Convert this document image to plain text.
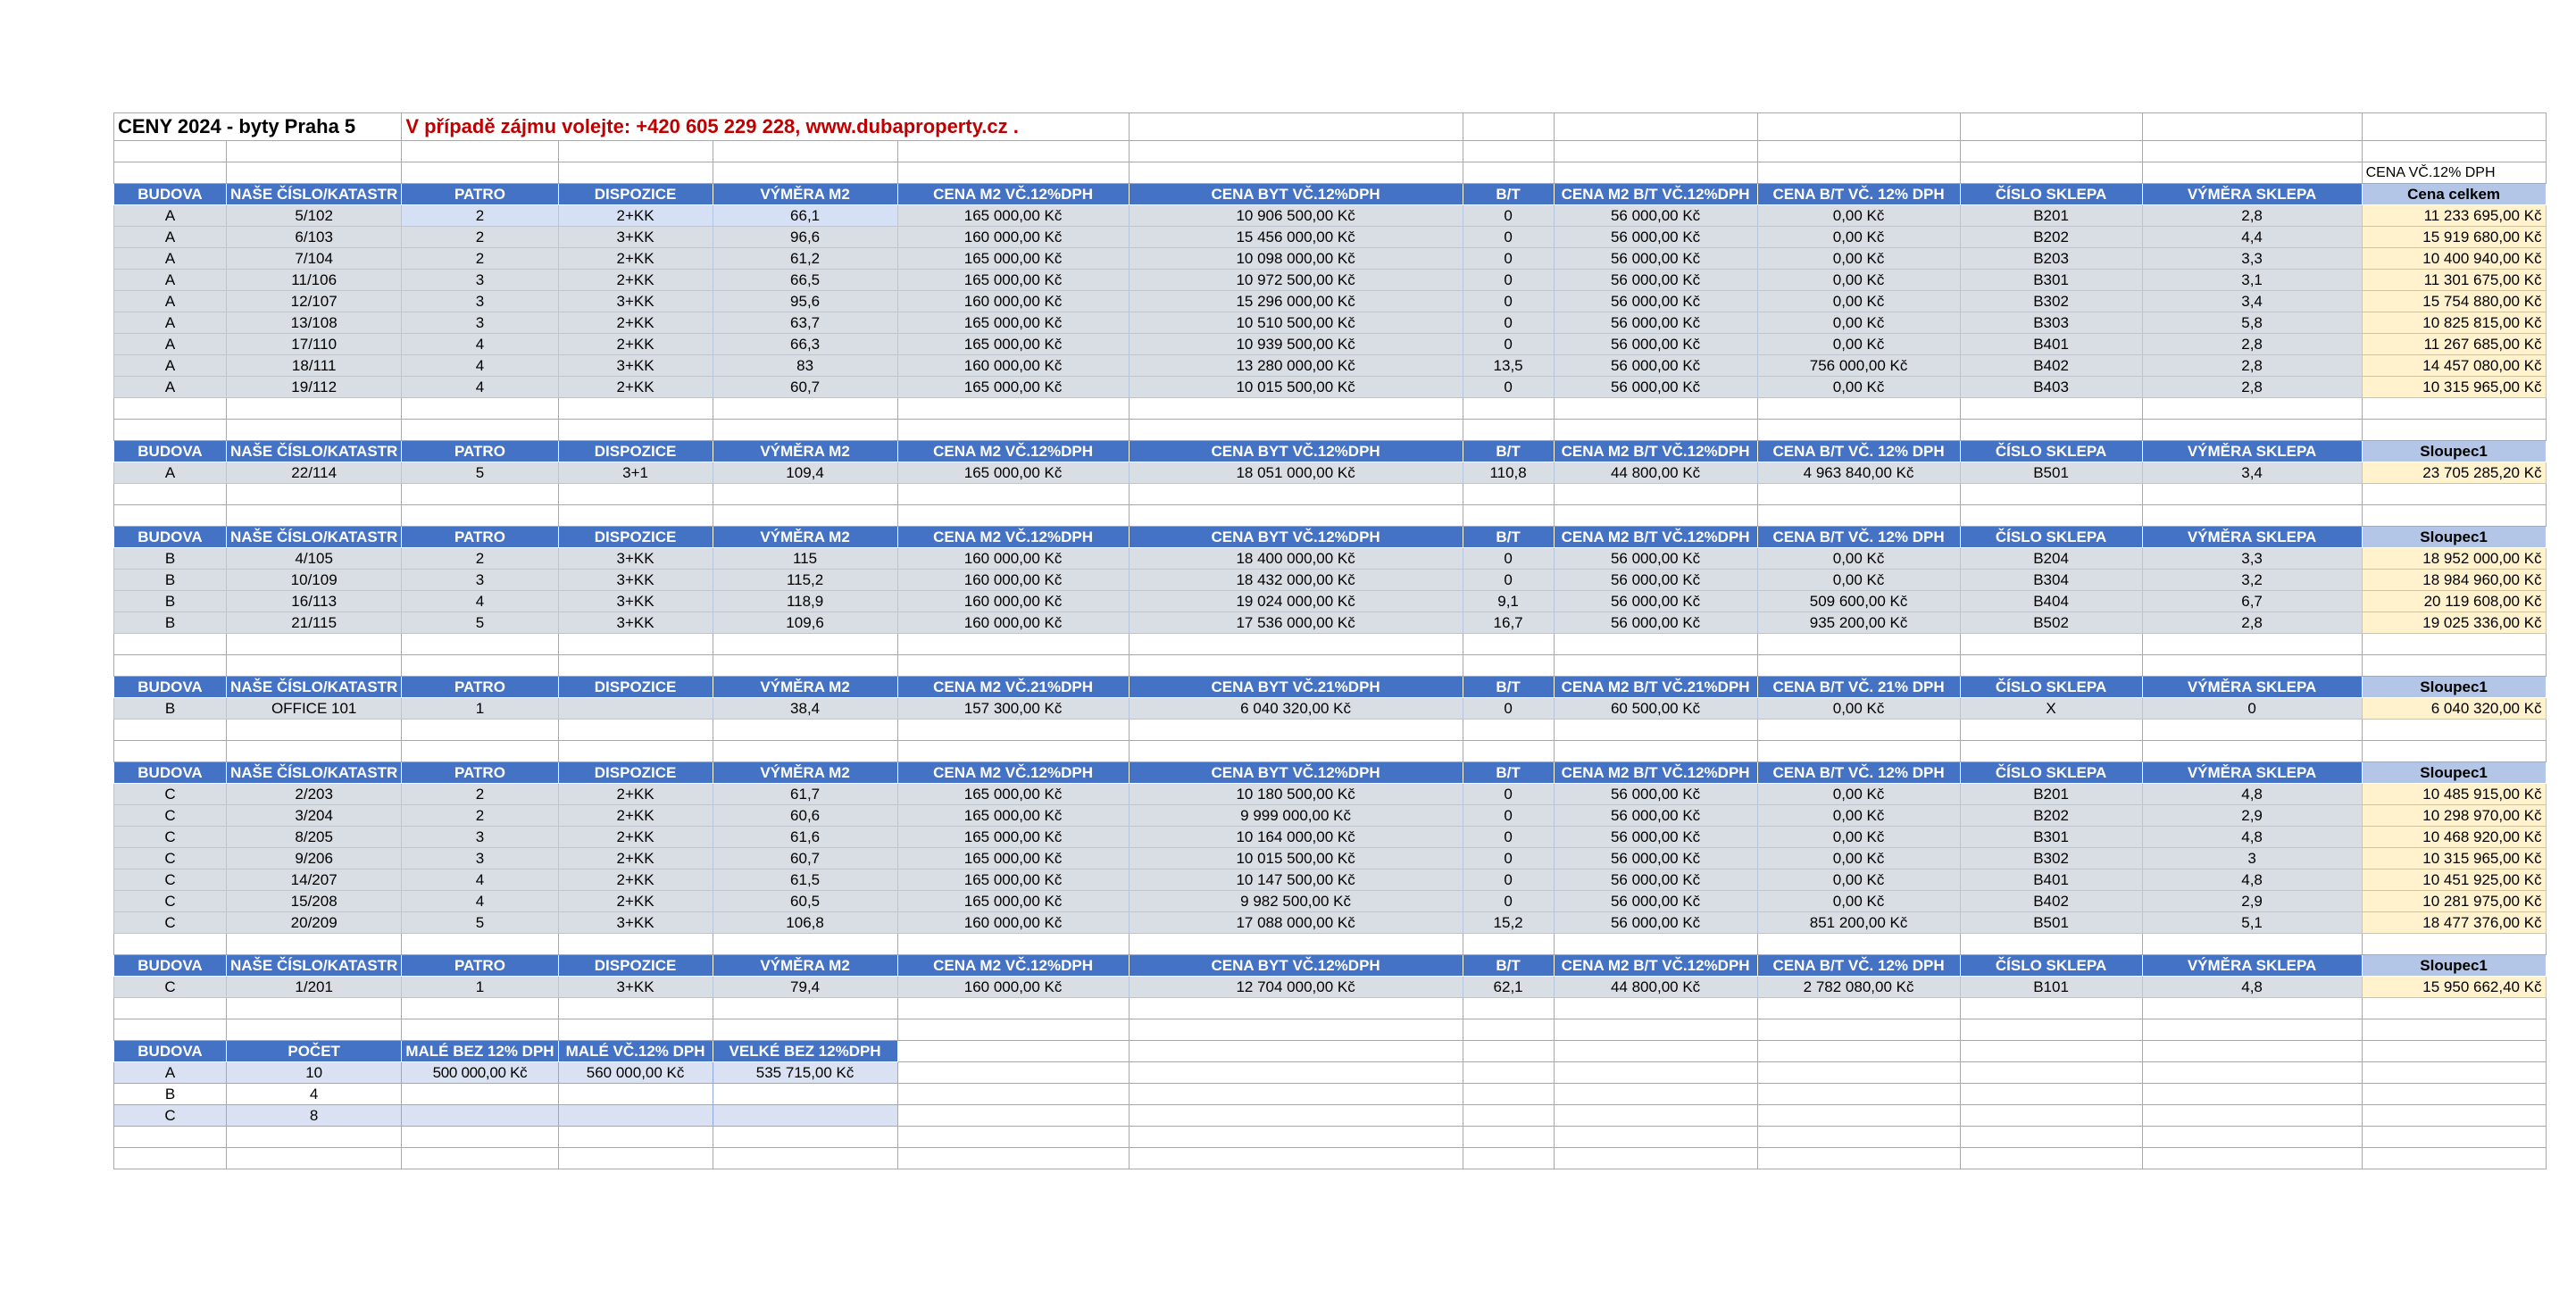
CENY 2024 - byty Praha 5		V případě zájmu volejte: +420 605 229 228, www.dubaproperty.cz .										

												CENA VČ.12% DPH
BUDOVA	NAŠE ČÍSLO/KATASTR	PATRO	DISPOZICE	VÝMĚRA M2	CENA M2 VČ.12%DPH	CENA BYT VČ.12%DPH	B/T	CENA M2 B/T VČ.12%DPH	CENA B/T VČ. 12% DPH	ČÍSLO SKLEPA	VÝMĚRA SKLEPA	Cena celkem
A	5/102	2	2+KK	66,1	165 000,00 Kč	10 906 500,00 Kč	0	56 000,00 Kč	0,00 Kč	B201	2,8	11 233 695,00 Kč
A	6/103	2	3+KK	96,6	160 000,00 Kč	15 456 000,00 Kč	0	56 000,00 Kč	0,00 Kč	B202	4,4	15 919 680,00 Kč
A	7/104	2	2+KK	61,2	165 000,00 Kč	10 098 000,00 Kč	0	56 000,00 Kč	0,00 Kč	B203	3,3	10 400 940,00 Kč
A	11/106	3	2+KK	66,5	165 000,00 Kč	10 972 500,00 Kč	0	56 000,00 Kč	0,00 Kč	B301	3,1	11 301 675,00 Kč
A	12/107	3	3+KK	95,6	160 000,00 Kč	15 296 000,00 Kč	0	56 000,00 Kč	0,00 Kč	B302	3,4	15 754 880,00 Kč
A	13/108	3	2+KK	63,7	165 000,00 Kč	10 510 500,00 Kč	0	56 000,00 Kč	0,00 Kč	B303	5,8	10 825 815,00 Kč
A	17/110	4	2+KK	66,3	165 000,00 Kč	10 939 500,00 Kč	0	56 000,00 Kč	0,00 Kč	B401	2,8	11 267 685,00 Kč
A	18/111	4	3+KK	83	160 000,00 Kč	13 280 000,00 Kč	13,5	56 000,00 Kč	756 000,00 Kč	B402	2,8	14 457 080,00 Kč
A	19/112	4	2+KK	60,7	165 000,00 Kč	10 015 500,00 Kč	0	56 000,00 Kč	0,00 Kč	B403	2,8	10 315 965,00 Kč

BUDOVA	NAŠE ČÍSLO/KATASTR	PATRO	DISPOZICE	VÝMĚRA M2	CENA M2 VČ.12%DPH	CENA BYT VČ.12%DPH	B/T	CENA M2 B/T VČ.12%DPH	CENA B/T VČ. 12% DPH	ČÍSLO SKLEPA	VÝMĚRA SKLEPA	Sloupec1
A	22/114	5	3+1	109,4	165 000,00 Kč	18 051 000,00 Kč	110,8	44 800,00 Kč	4 963 840,00 Kč	B501	3,4	23 705 285,20 Kč

BUDOVA	NAŠE ČÍSLO/KATASTR	PATRO	DISPOZICE	VÝMĚRA M2	CENA M2 VČ.12%DPH	CENA BYT VČ.12%DPH	B/T	CENA M2 B/T VČ.12%DPH	CENA B/T VČ. 12% DPH	ČÍSLO SKLEPA	VÝMĚRA SKLEPA	Sloupec1
B	4/105	2	3+KK	115	160 000,00 Kč	18 400 000,00 Kč	0	56 000,00 Kč	0,00 Kč	B204	3,3	18 952 000,00 Kč
B	10/109	3	3+KK	115,2	160 000,00 Kč	18 432 000,00 Kč	0	56 000,00 Kč	0,00 Kč	B304	3,2	18 984 960,00 Kč
B	16/113	4	3+KK	118,9	160 000,00 Kč	19 024 000,00 Kč	9,1	56 000,00 Kč	509 600,00 Kč	B404	6,7	20 119 608,00 Kč
B	21/115	5	3+KK	109,6	160 000,00 Kč	17 536 000,00 Kč	16,7	56 000,00 Kč	935 200,00 Kč	B502	2,8	19 025 336,00 Kč

BUDOVA	NAŠE ČÍSLO/KATASTR	PATRO	DISPOZICE	VÝMĚRA M2	CENA M2 VČ.21%DPH	CENA BYT VČ.21%DPH	B/T	CENA M2 B/T VČ.21%DPH	CENA B/T VČ. 21% DPH	ČÍSLO SKLEPA	VÝMĚRA SKLEPA	Sloupec1
B	OFFICE 101	1		38,4	157 300,00 Kč	6 040 320,00 Kč	0	60 500,00 Kč	0,00 Kč	X	0	6 040 320,00 Kč

BUDOVA	NAŠE ČÍSLO/KATASTR	PATRO	DISPOZICE	VÝMĚRA M2	CENA M2 VČ.12%DPH	CENA BYT VČ.12%DPH	B/T	CENA M2 B/T VČ.12%DPH	CENA B/T VČ. 12% DPH	ČÍSLO SKLEPA	VÝMĚRA SKLEPA	Sloupec1
C	2/203	2	2+KK	61,7	165 000,00 Kč	10 180 500,00 Kč	0	56 000,00 Kč	0,00 Kč	B201	4,8	10 485 915,00 Kč
C	3/204	2	2+KK	60,6	165 000,00 Kč	9 999 000,00 Kč	0	56 000,00 Kč	0,00 Kč	B202	2,9	10 298 970,00 Kč
C	8/205	3	2+KK	61,6	165 000,00 Kč	10 164 000,00 Kč	0	56 000,00 Kč	0,00 Kč	B301	4,8	10 468 920,00 Kč
C	9/206	3	2+KK	60,7	165 000,00 Kč	10 015 500,00 Kč	0	56 000,00 Kč	0,00 Kč	B302	3	10 315 965,00 Kč
C	14/207	4	2+KK	61,5	165 000,00 Kč	10 147 500,00 Kč	0	56 000,00 Kč	0,00 Kč	B401	4,8	10 451 925,00 Kč
C	15/208	4	2+KK	60,5	165 000,00 Kč	9 982 500,00 Kč	0	56 000,00 Kč	0,00 Kč	B402	2,9	10 281 975,00 Kč
C	20/209	5	3+KK	106,8	160 000,00 Kč	17 088 000,00 Kč	15,2	56 000,00 Kč	851 200,00 Kč	B501	5,1	18 477 376,00 Kč

BUDOVA	NAŠE ČÍSLO/KATASTR	PATRO	DISPOZICE	VÝMĚRA M2	CENA M2 VČ.12%DPH	CENA BYT VČ.12%DPH	B/T	CENA M2 B/T VČ.12%DPH	CENA B/T VČ. 12% DPH	ČÍSLO SKLEPA	VÝMĚRA SKLEPA	Sloupec1
C	1/201	1	3+KK	79,4	160 000,00 Kč	12 704 000,00 Kč	62,1	44 800,00 Kč	2 782 080,00 Kč	B101	4,8	15 950 662,40 Kč

BUDOVA	POČET	MALÉ BEZ 12% DPH	MALÉ VČ.12% DPH	VELKÉ BEZ 12%DPH								
A	10	500 000,00 Kč	560 000,00 Kč	535 715,00 Kč								
B	4											
C	8											
